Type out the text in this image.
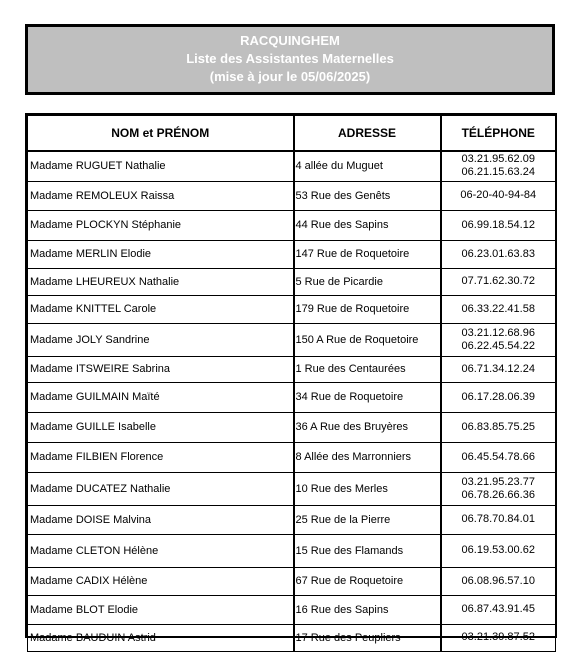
RACQUINGHEM
Liste des Assistantes Maternelles
(mise à jour le 05/06/2025)
NOM et PRÉNOM	ADRESSE	TÉLÉPHONE
Madame RUGUET Nathalie	4 allée du Muguet	03.21.95.62.09
06.21.15.63.24

Madame REMOLEUX Raissa	53 Rue des Genêts	06-20-40-94-84

Madame PLOCKYN Stéphanie	44 Rue des Sapins	06.99.18.54.12

Madame MERLIN Elodie	147 Rue de Roquetoire	06.23.01.63.83

Madame LHEUREUX Nathalie	5 Rue de Picardie	07.71.62.30.72

Madame KNITTEL Carole	179 Rue de Roquetoire	06.33.22.41.58

Madame JOLY Sandrine	150 A Rue de Roquetoire	03.21.12.68.96
06.22.45.54.22

Madame ITSWEIRE Sabrina	1 Rue des Centaurées	06.71.34.12.24

Madame GUILMAIN Maïté	34 Rue de Roquetoire	06.17.28.06.39

Madame GUILLE Isabelle	36 A Rue des Bruyères	06.83.85.75.25

Madame FILBIEN Florence	8 Allée des Marronniers	06.45.54.78.66

Madame DUCATEZ Nathalie	10 Rue des Merles	03.21.95.23.77
06.78.26.66.36

Madame DOISE Malvina	25 Rue de la Pierre	06.78.70.84.01

Madame CLETON Hélène	15 Rue des Flamands	06.19.53.00.62

Madame CADIX Hélène	67 Rue de Roquetoire	06.08.96.57.10

Madame BLOT Elodie	16 Rue des Sapins	06.87.43.91.45

Madame BAUDUIN Astrid	17 Rue des Peupliers	03.21.39.87.52
